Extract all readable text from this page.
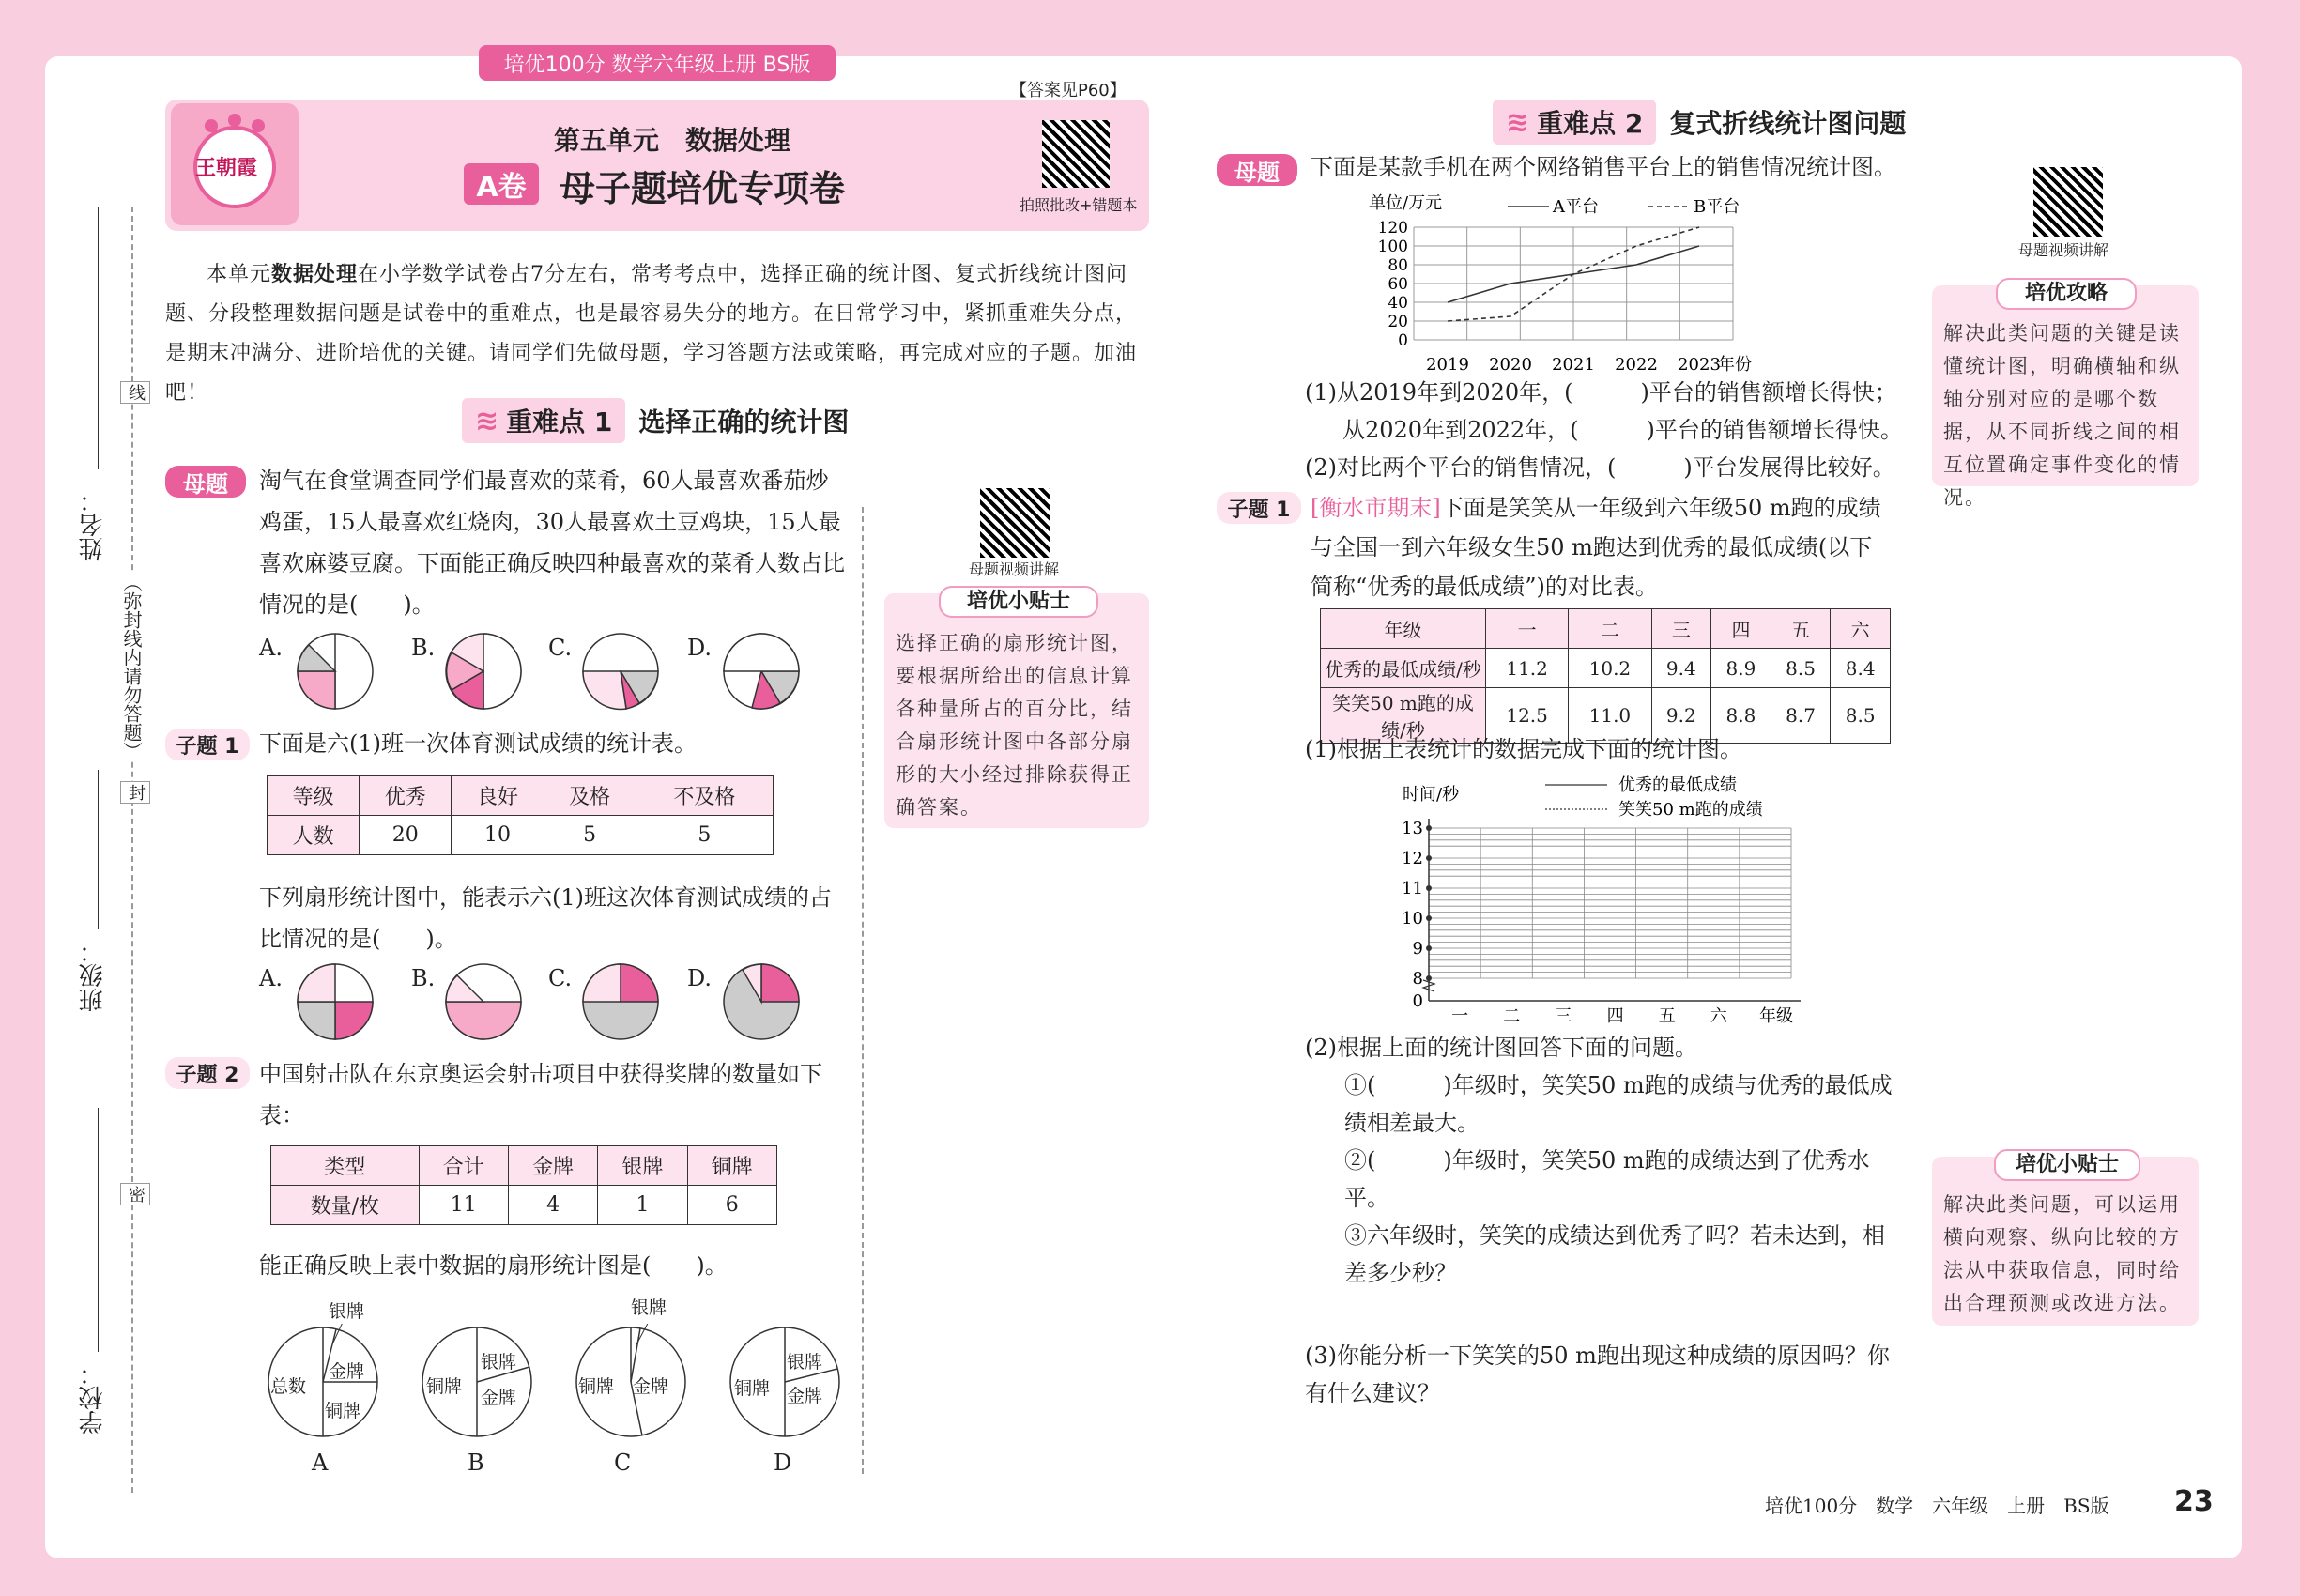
培优100分 数学六年级上册 BS版
姓名：
班级：
学校：
线
（弥封线内请勿答题）
封
密
王朝霞
【答案见P60】
第五单元　数据处理
A卷 母子题培优专项卷	拍照批改+错题本
本单元数据处理在小学数学试卷占7分左右，常考考点中，选择正确的统计图、复式折线统计图问题、分段整理数据问题是试卷中的重难点，也是最容易失分的地方。在日常学习中，紧抓重难失分点，是期末冲满分、进阶培优的关键。请同学们先做母题，学习答题方法或策略，再完成对应的子题。加油吧！
≋ 重难点 1 选择正确的统计图
母题	淘气在食堂调查同学们最喜欢的菜肴，60人最喜欢番茄炒鸡蛋，15人最喜欢红烧肉，30人最喜欢土豆鸡块，15人最喜欢麻婆豆腐。下面能正确反映四种最喜欢的菜肴人数占比情况的是(　　)。
母题视频讲解
培优小贴士
选择正确的扇形统计图，要根据所给出的信息计算各种量所占的百分比，结合扇形统计图中各部分扇形的大小经过排除获得正确答案。
A.	B.	C.	D.
子题 1 下面是六(1)班一次体育测试成绩的统计表。
等级	优秀	良好	及格	不及格
人数	20	10	5	5
下列扇形统计图中，能表示六(1)班这次体育测试成绩的占比情况的是(　　)。
A.	B.	C.	D.
子题 2 中国射击队在东京奥运会射击项目中获得奖牌的数量如下表：
类型	合计	金牌	银牌	铜牌
数量/枚	11	4	1	6
能正确反映上表中数据的扇形统计图是(　　)。
银牌
总数
金牌
铜牌
A
铜牌
银牌
金牌
B
银牌
铜牌 金牌
C
铜牌
银牌
金牌
D
≋ 重难点 2 复式折线统计图问题
母题	下面是某款手机在两个网络销售平台上的销售情况统计图。
母题视频讲解
培优攻略
解决此类问题的关键是读懂统计图，明确横轴和纵轴分别对应的是哪个数据，从不同折线之间的相互位置确定事件变化的情况。
培优小贴士
解决此类问题，可以运用横向观察、纵向比较的方法从中获取信息，同时给出合理预测或改进方法。
单位/万元
年份
0
20
40
60
80
100
120
2019 2020 2021 2022 2023
A平台	B平台
(1)从2019年到2020年，(　　　)平台的销售额增长得快；
从2020年到2022年，(　　　)平台的销售额增长得快。
(2)对比两个平台的销售情况，(　　　)平台发展得比较好。
子题 1 [衡水市期末]下面是笑笑从一年级到六年级50 m跑的成绩与全国一到六年级女生50 m跑达到优秀的最低成绩(以下简称“优秀的最低成绩”)的对比表。
年级	一	二	三	四	五	六
优秀的最低成绩/秒	11.2	10.2	9.4	8.9	8.5	8.4
笑笑50 m跑的成绩/秒	12.5	11.0	9.2	8.8	8.7	8.5
(1)根据上表统计的数据完成下面的统计图。
时间/秒	优秀的最低成绩
笑笑50 m跑的成绩
0
8
9
10
11
12
13
一 二 三 四 五 六 年级
(2)根据上面的统计图回答下面的问题。
①(　　　)年级时，笑笑50 m跑的成绩与优秀的最低成绩相差最大。
②(　　　)年级时，笑笑50 m跑的成绩达到了优秀水平。
③六年级时，笑笑的成绩达到优秀了吗？若未达到，相差多少秒？
(3)你能分析一下笑笑的50 m跑出现这种成绩的原因吗？你有什么建议？
培优100分　数学　六年级　上册　BS版 23
